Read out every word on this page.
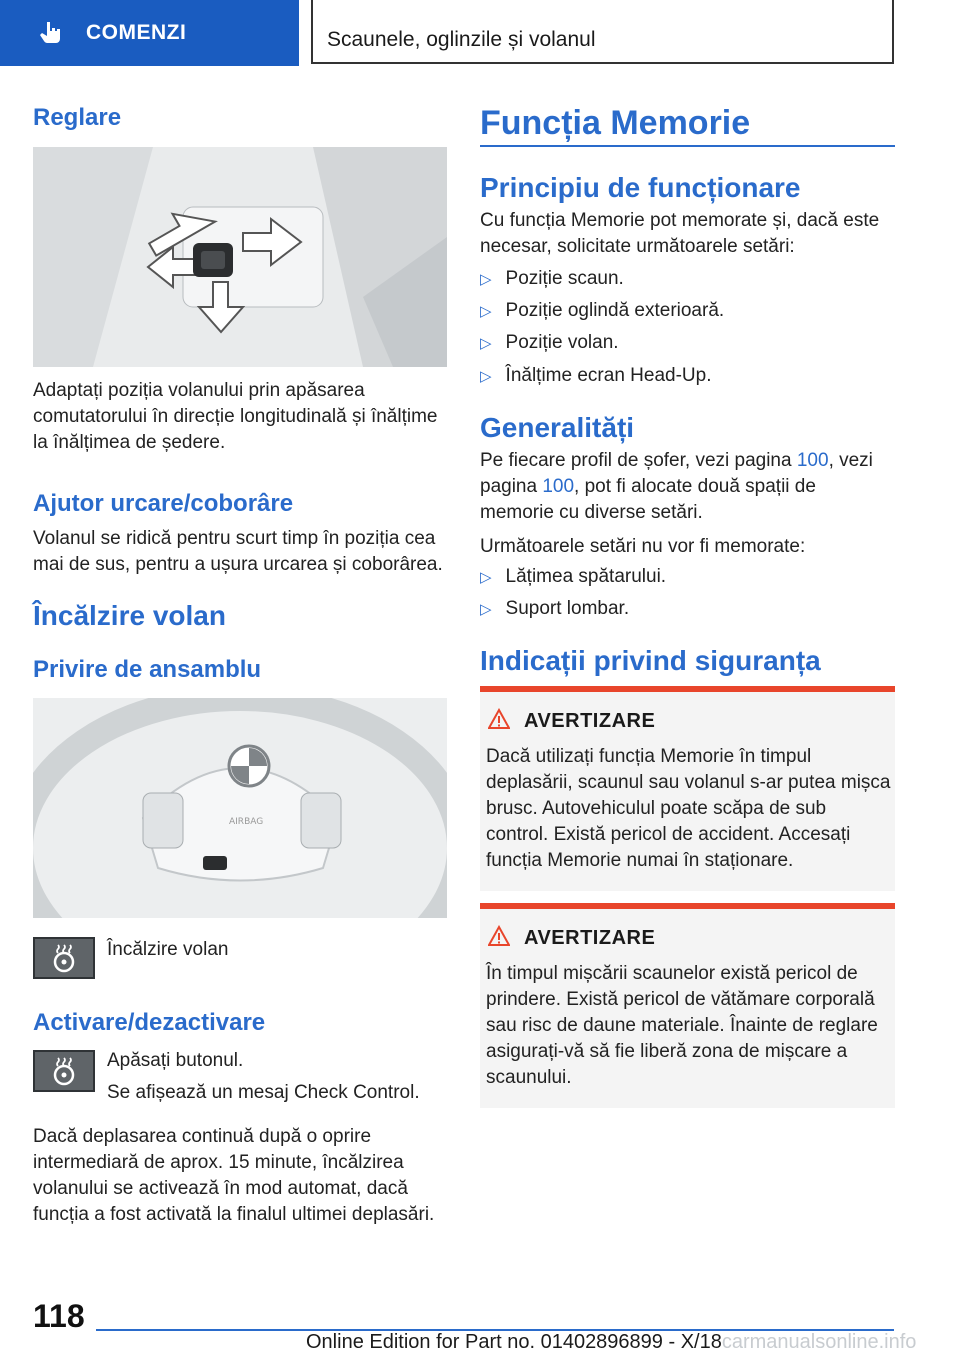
COMENZI	Scaunele, oglinzile și volanul
Reglare
Adaptați poziția volanului prin apăsarea comutatorului în direcție longitudinală și înălțime la înălțimea de ședere.
Ajutor urcare/coborâre
Volanul se ridică pentru scurt timp în poziția cea mai de sus, pentru a ușura urcarea și coborârea.
Încălzire volan
Privire de ansamblu
AIRBAG
Încălzire volan
Activare/dezactivare
Apăsați butonul.
Se afișează un mesaj Check Control.
Dacă deplasarea continuă după o oprire intermediară de aprox. 15 minute, încălzirea volanului se activează în mod automat, dacă funcția a fost activată la finalul ultimei deplasări.
Funcția Memorie
Principiu de funcționare
Cu funcția Memorie pot memorate și, dacă este necesar, solicitate următoarele setări:
▷ Poziție scaun.
▷ Poziție oglindă exterioară.
▷ Poziție volan.
▷ Înălțime ecran Head-Up.
Generalități
Pe fiecare profil de șofer, vezi pagina 100, vezi pagina 100, pot fi alocate două spații de memorie cu diverse setări.
Următoarele setări nu vor fi memorate:
▷ Lățimea spătarului.
▷ Suport lombar.
Indicații privind siguranța
AVERTIZARE
Dacă utilizați funcția Memorie în timpul deplasării, scaunul sau volanul s-ar putea mișca brusc. Autovehiculul poate scăpa de sub control. Există pericol de accident. Accesați funcția Memorie numai în staționare.
AVERTIZARE
În timpul mișcării scaunelor există pericol de prindere. Există pericol de vătămare corporală sau risc de daune materiale. Înainte de reglare asigurați-vă să fie liberă zona de mișcare a scaunului.
118
Online Edition for Part no. 01402896899 - X/18carmanualsonline.info
